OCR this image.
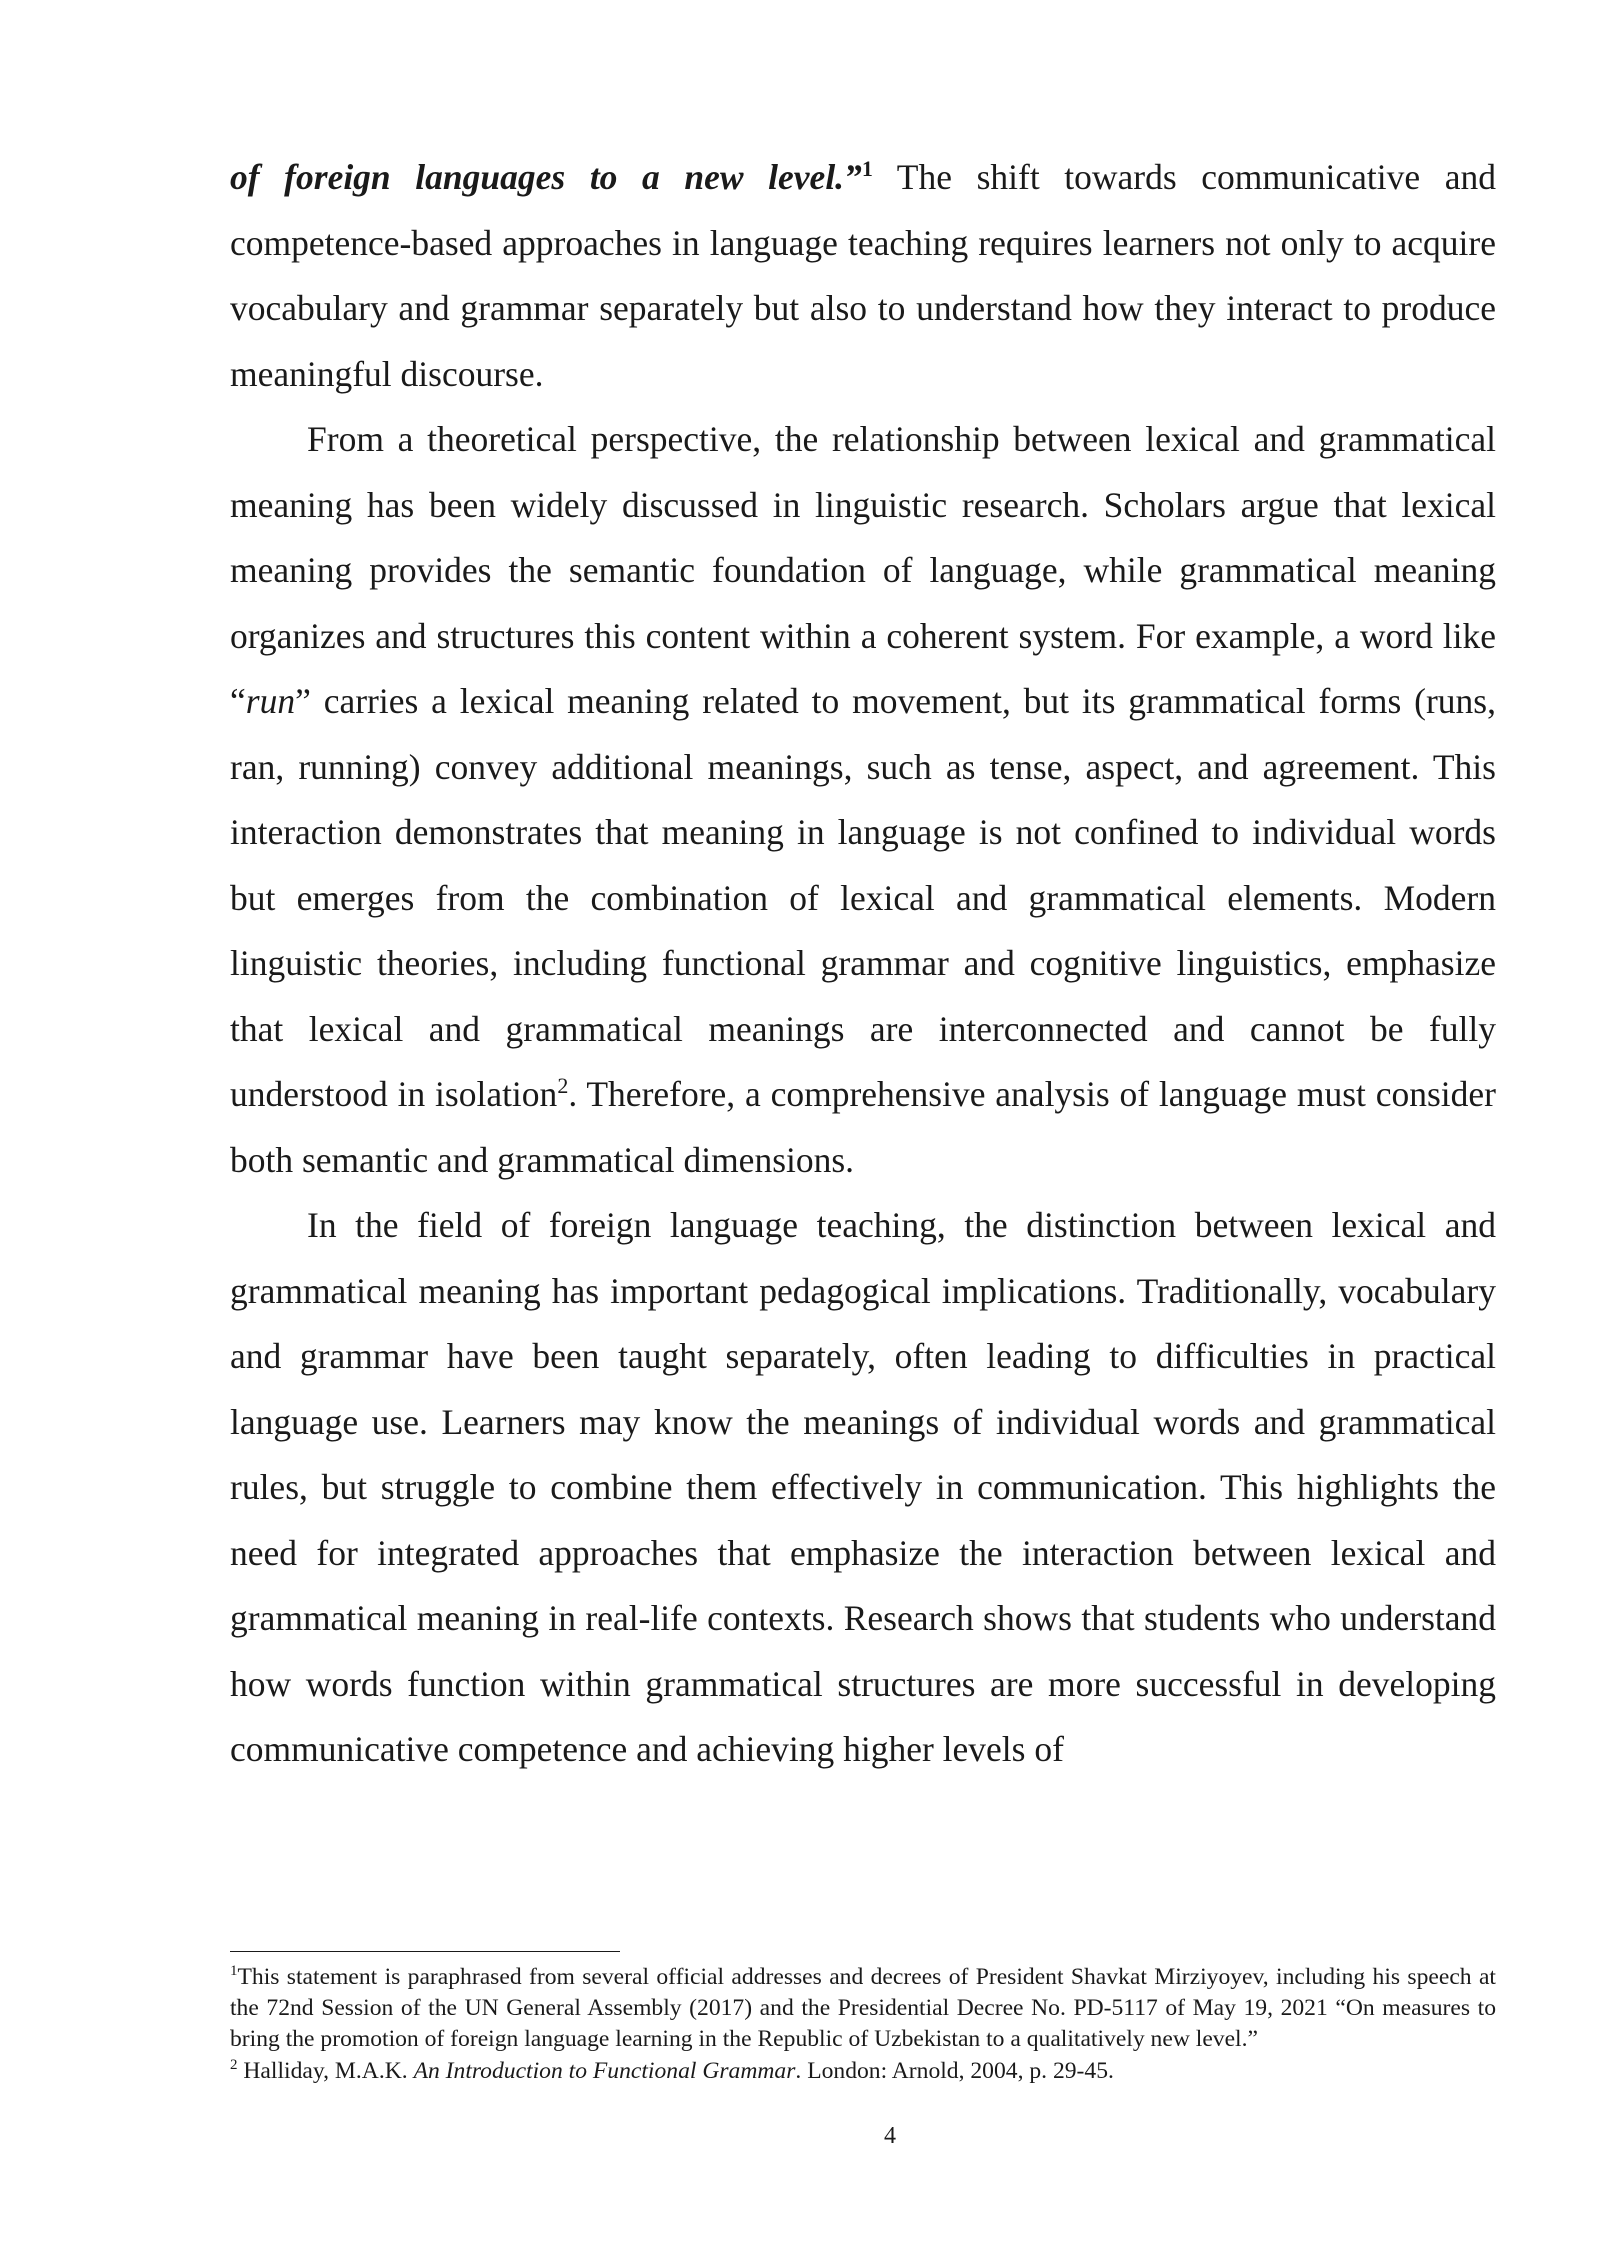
of foreign languages to a new level.”$^1$ The shift towards communicative and competence-based approaches in language teaching requires learners not only to acquire vocabulary and grammar separately but also to understand how they interact to produce meaningful discourse.

From a theoretical perspective, the relationship between lexical and grammatical meaning has been widely discussed in linguistic research. Scholars argue that lexical meaning provides the semantic foundation of language, while grammatical meaning organizes and structures this content within a coherent system. For example, a word like “run” carries a lexical meaning related to movement, but its grammatical forms (runs, ran, running) convey additional meanings, such as tense, aspect, and agreement. This interaction demonstrates that meaning in language is not confined to individual words but emerges from the combination of lexical and grammatical elements. Modern linguistic theories, including functional grammar and cognitive linguistics, emphasize that lexical and grammatical meanings are interconnected and cannot be fully understood in isolation$^2$. Therefore, a comprehensive analysis of language must consider both semantic and grammatical dimensions.

In the field of foreign language teaching, the distinction between lexical and grammatical meaning has important pedagogical implications. Traditionally, vocabulary and grammar have been taught separately, often leading to difficulties in practical language use. Learners may know the meanings of individual words and grammatical rules, but struggle to combine them effectively in communication. This highlights the need for integrated approaches that emphasize the interaction between lexical and grammatical meaning in real-life contexts. Research shows that students who understand how words function within grammatical structures are more successful in developing communicative competence and achieving higher levels of

$^1$This statement is paraphrased from several official addresses and decrees of President Shavkat Mirziyoyev, including his speech at the 72nd Session of the UN General Assembly (2017) and the Presidential Decree No. PD-5117 of May 19, 2021 “On measures to bring the promotion of foreign language learning in the Republic of Uzbekistan to a qualitatively new level.”

$^2$ Halliday, M.A.K. An Introduction to Functional Grammar. London: Arnold, 2004, p. 29-45.

4
